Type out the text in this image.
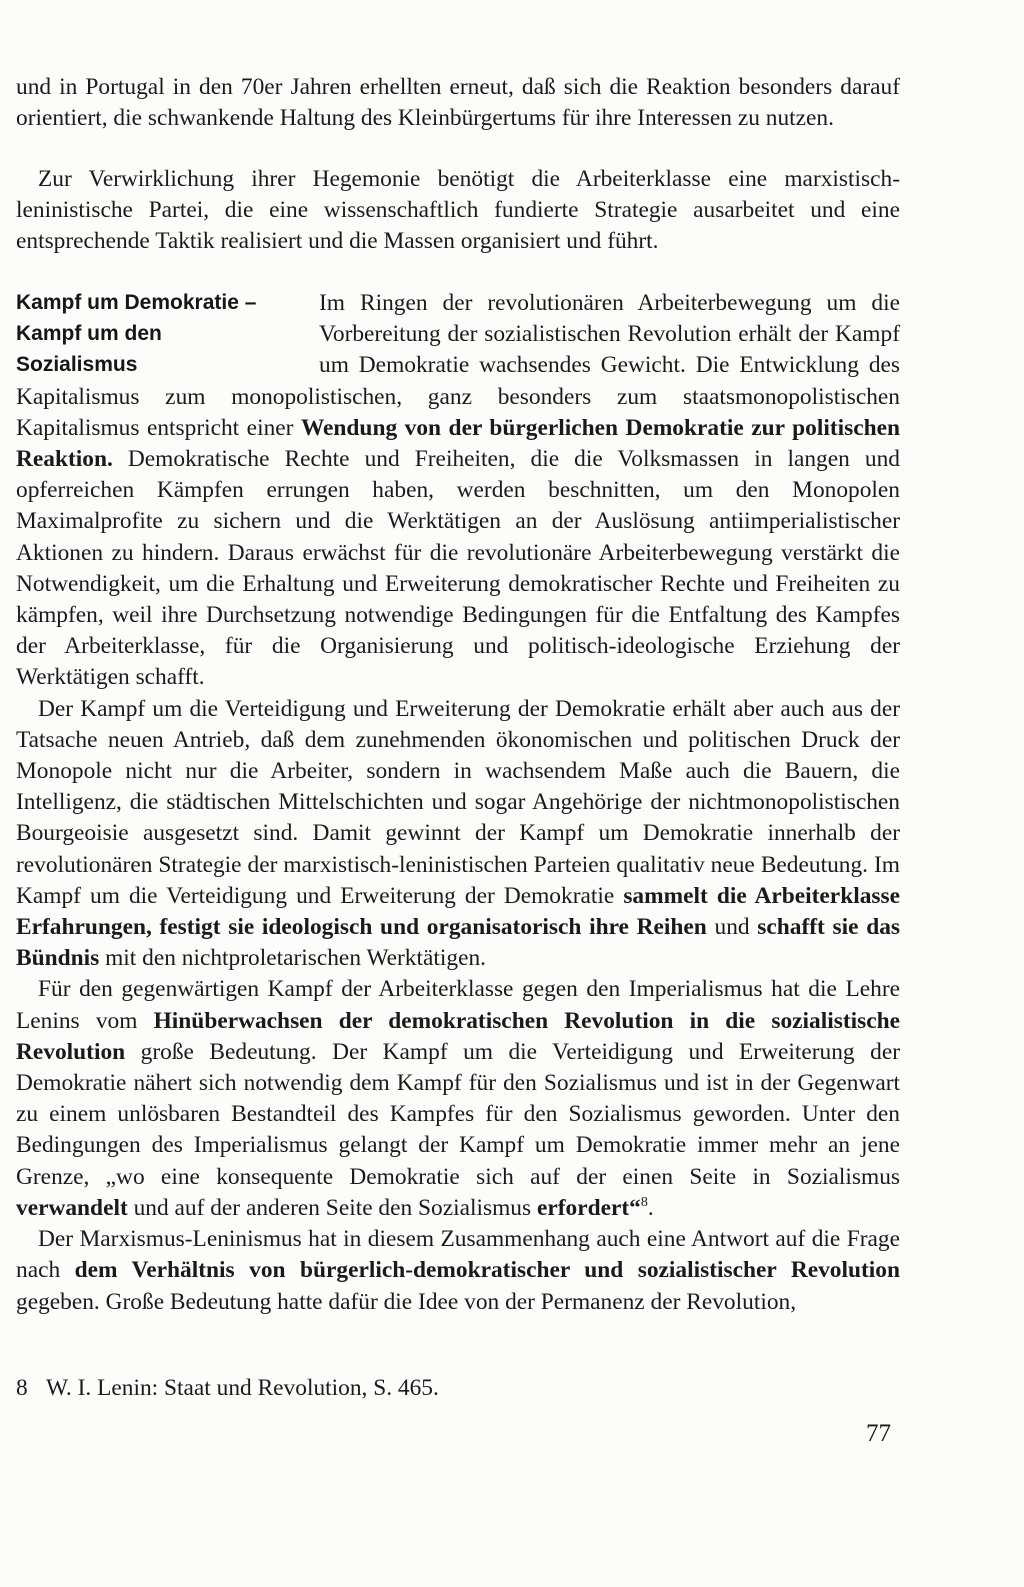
und in Portugal in den 70er Jahren erhellten erneut, daß sich die Reaktion besonders darauf orientiert, die schwankende Haltung des Kleinbürgertums für ihre Interessen zu nutzen.

Zur Verwirklichung ihrer Hegemonie benötigt die Arbeiterklasse eine marxistisch-leninistische Partei, die eine wissenschaftlich fundierte Strategie ausarbeitet und eine entsprechende Taktik realisiert und die Massen organisiert und führt.

Kampf um Demokratie –
Kampf um den
Sozialismus

Im Ringen der revolutionären Arbeiterbewegung um die Vorbereitung der sozialistischen Revolution erhält der Kampf um Demokratie wachsendes Gewicht. Die Entwicklung des Kapitalismus zum monopolistischen, ganz besonders zum staatsmonopolistischen Kapitalismus entspricht einer Wendung von der bürgerlichen Demokratie zur politischen Reaktion. Demokratische Rechte und Freiheiten, die die Volksmassen in langen und opferreichen Kämpfen errungen haben, werden beschnitten, um den Monopolen Maximalprofite zu sichern und die Werktätigen an der Auslösung antiimperialistischer Aktionen zu hindern. Daraus erwächst für die revolutionäre Arbeiterbewegung verstärkt die Notwendigkeit, um die Erhaltung und Erweiterung demokratischer Rechte und Freiheiten zu kämpfen, weil ihre Durchsetzung notwendige Bedingungen für die Entfaltung des Kampfes der Arbeiterklasse, für die Organisierung und politisch-ideologische Erziehung der Werktätigen schafft.

Der Kampf um die Verteidigung und Erweiterung der Demokratie erhält aber auch aus der Tatsache neuen Antrieb, daß dem zunehmenden ökonomischen und politischen Druck der Monopole nicht nur die Arbeiter, sondern in wachsendem Maße auch die Bauern, die Intelligenz, die städtischen Mittelschichten und sogar Angehörige der nichtmonopolistischen Bourgeoisie ausgesetzt sind. Damit gewinnt der Kampf um Demokratie innerhalb der revolutionären Strategie der marxistisch-leninistischen Parteien qualitativ neue Bedeutung. Im Kampf um die Verteidigung und Erweiterung der Demokratie sammelt die Arbeiterklasse Erfahrungen, festigt sie ideologisch und organisatorisch ihre Reihen und schafft sie das Bündnis mit den nichtproletarischen Werktätigen.

Für den gegenwärtigen Kampf der Arbeiterklasse gegen den Imperialismus hat die Lehre Lenins vom Hinüberwachsen der demokratischen Revolution in die sozialistische Revolution große Bedeutung. Der Kampf um die Verteidigung und Erweiterung der Demokratie nähert sich notwendig dem Kampf für den Sozialismus und ist in der Gegenwart zu einem unlösbaren Bestandteil des Kampfes für den Sozialismus geworden. Unter den Bedingungen des Imperialismus gelangt der Kampf um Demokratie immer mehr an jene Grenze, „wo eine konsequente Demokratie sich auf der einen Seite in Sozialismus verwandelt und auf der anderen Seite den Sozialismus erfordert“$^8$.

Der Marxismus-Leninismus hat in diesem Zusammenhang auch eine Antwort auf die Frage nach dem Verhältnis von bürgerlich-demokratischer und sozialistischer Revolution gegeben. Große Bedeutung hatte dafür die Idee von der Permanenz der Revolution,

8 W. I. Lenin: Staat und Revolution, S. 465.

77
